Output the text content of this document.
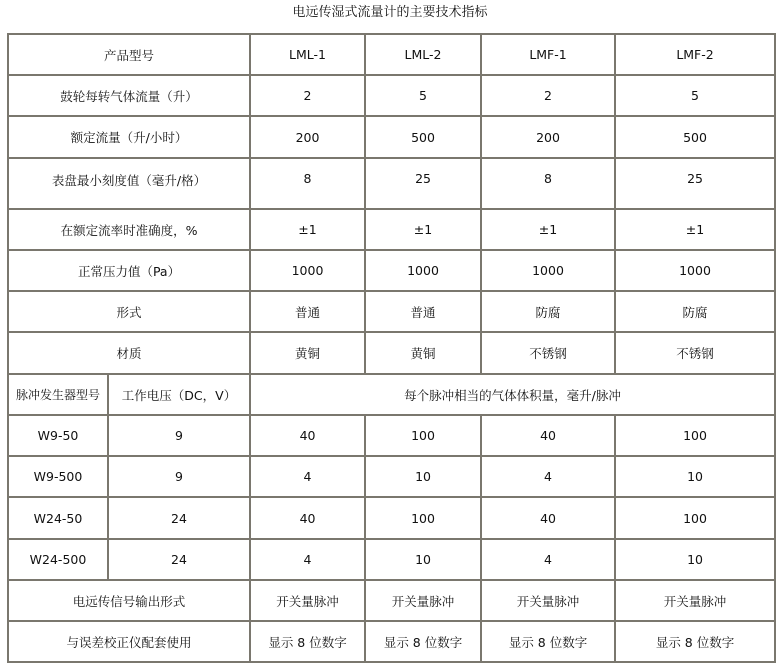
电远传湿式流量计的主要技术指标
产品型号		LML-1	LML-2	LMF-1	LMF-2
鼓轮每转气体流量（升）		2	5	2	5
额定流量（升/小时）		200	500	200	500
表盘最小刻度值（毫升/格）		8	25	8	25
在额定流率时准确度，%		±1	±1	±1	±1
正常压力值（Pa）		1000	1000	1000	1000
形式		普通	普通	防腐	防腐
材质		黄铜	黄铜	不锈钢	不锈钢
脉冲发生器型号	工作电压（DC，V）	每个脉冲相当的气体体积量，毫升/脉冲			
W9-50	9	40	100	40	100
W9-500	9	4	10	4	10
W24-50	24	40	100	40	100
W24-500	24	4	10	4	10
电远传信号输出形式		开关量脉冲	开关量脉冲	开关量脉冲	开关量脉冲
与误差校正仪配套使用		显示 8 位数字	显示 8 位数字	显示 8 位数字	显示 8 位数字
